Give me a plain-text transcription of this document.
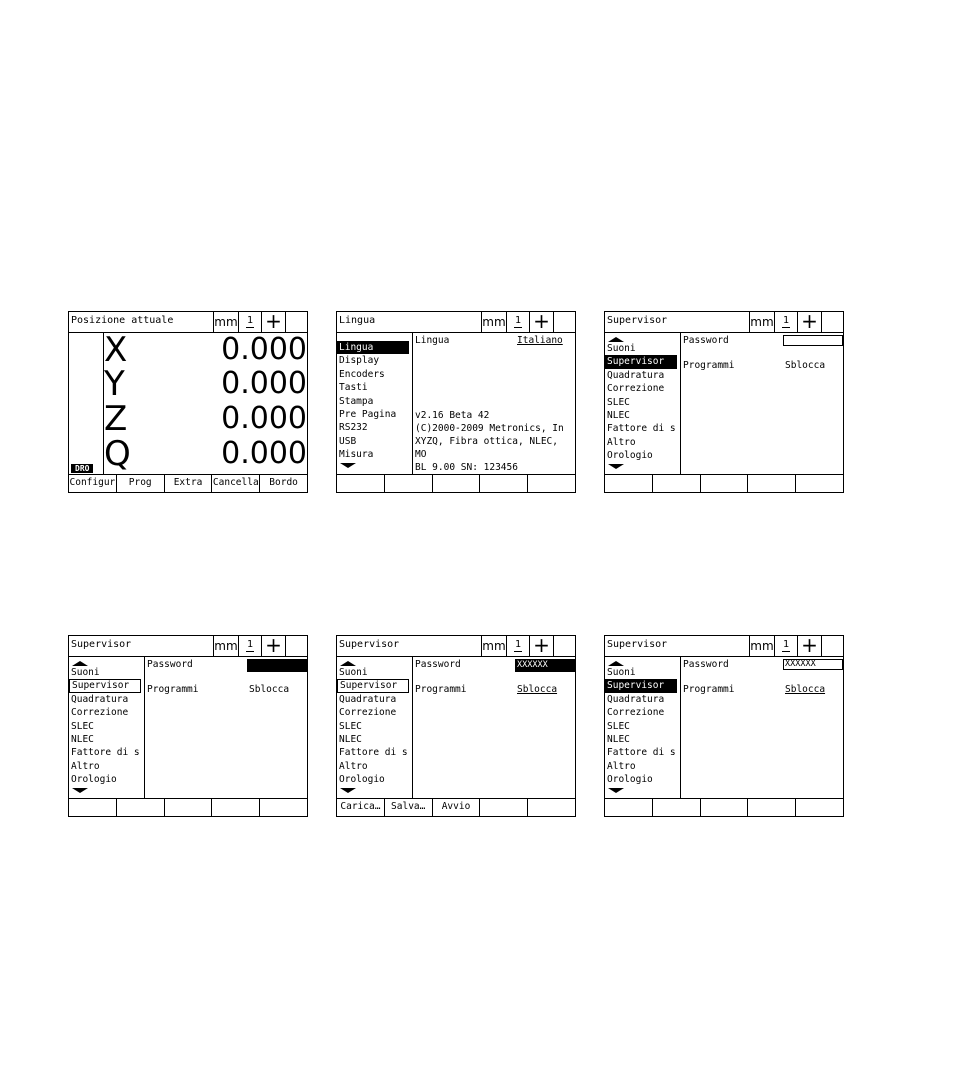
Posizione attuale	mm 1 +
DRO
X	0.000
Y	0.000
Z	0.000
Q	0.000
Configur	Prog	Extra	Cancella	Bordo
Lingua	mm 1 +
Lingua
Display
Encoders
Tasti
Stampa
Pre Pagina
RS232
USB
Misura
Lingua	Italiano
v2.16 Beta 42
(C)2000-2009 Metronics, In
XYZQ, Fibra ottica, NLEC,
MO
BL 9.00 SN: 123456
Supervisor	mm 1 +
Suoni
Supervisor
Quadratura
Correzione
SLEC
NLEC
Fattore di s
Altro
Orologio
Password
Programmi	Sblocca
Supervisor	mm 1 +
Suoni
Supervisor
Quadratura
Correzione
SLEC
NLEC
Fattore di s
Altro
Orologio
Password
Programmi	Sblocca
Supervisor	mm 1 +
Suoni
Supervisor
Quadratura
Correzione
SLEC
NLEC
Fattore di s
Altro
Orologio
Password	XXXXXX
Programmi	Sblocca
Carica…	Salva…	Avvio
Supervisor	mm 1 +
Suoni
Supervisor
Quadratura
Correzione
SLEC
NLEC
Fattore di s
Altro
Orologio
Password	XXXXXX
Programmi	Sblocca
